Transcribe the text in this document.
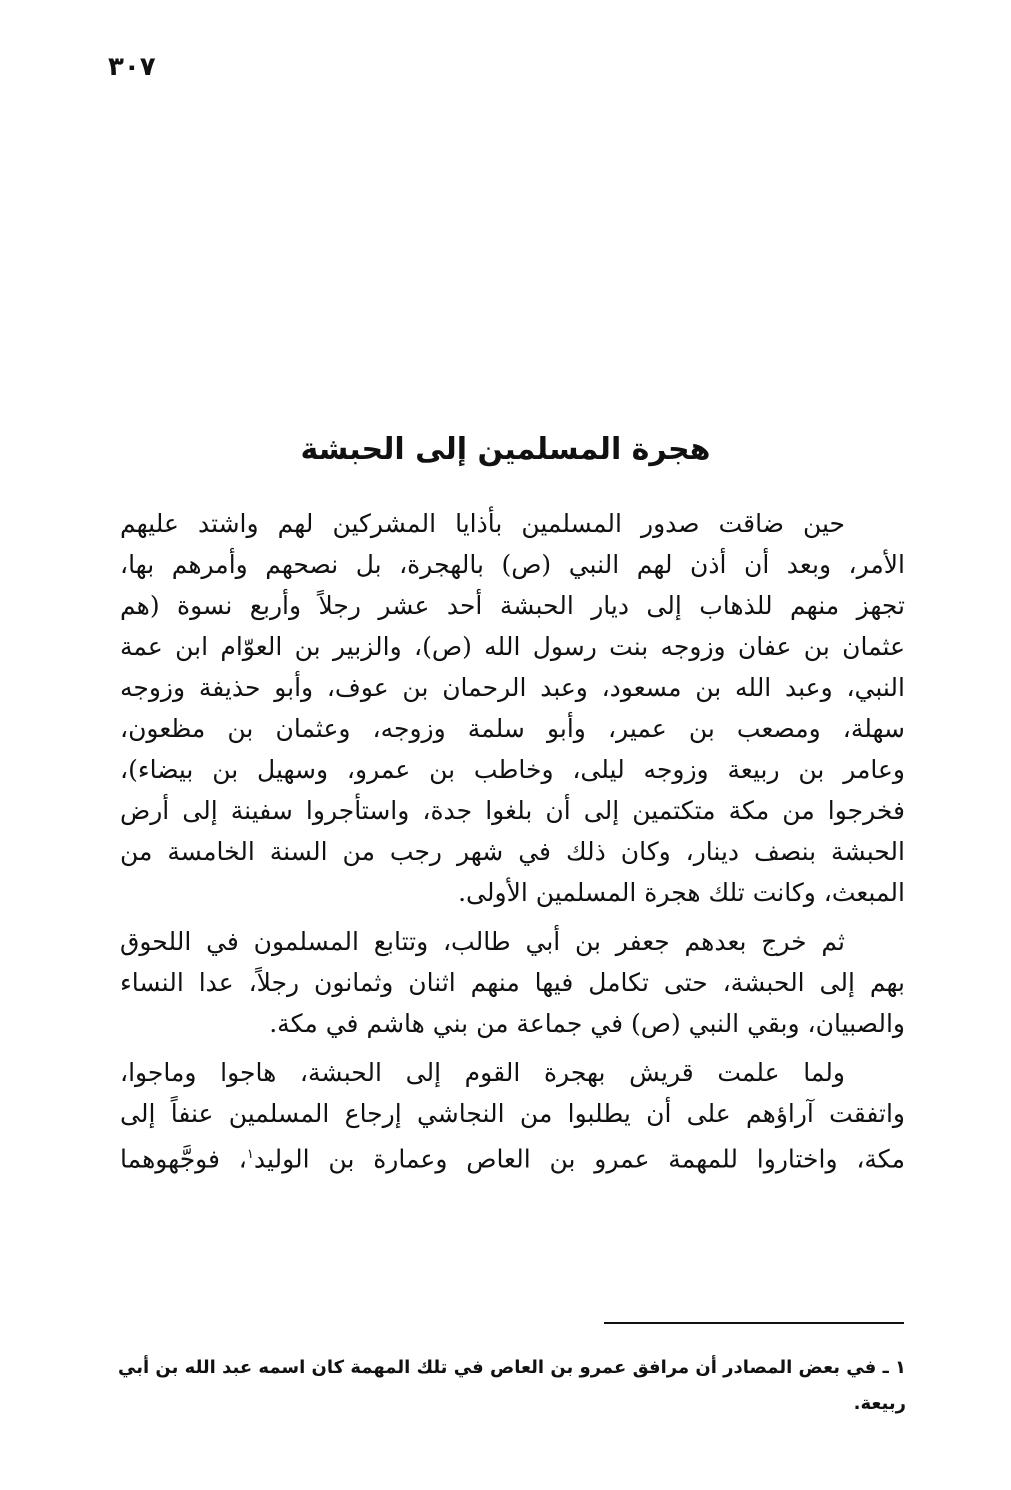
٣٠٧
هجرة المسلمين إلى الحبشة
حين ضاقت صدور المسلمين بأذايا المشركين لهم واشتد عليهم
الأمر، وبعد أن أذن لهم النبي (ص) بالهجرة، بل نصحهم وأمرهم بها،
تجهز منهم للذهاب إلى ديار الحبشة أحد عشر رجلاً وأربع نسوة (هم
عثمان بن عفان وزوجه بنت رسول الله (ص)، والزبير بن العوّام ابن عمة
النبي، وعبد الله بن مسعود، وعبد الرحمان بن عوف، وأبو حذيفة وزوجه
سهلة، ومصعب بن عمير، وأبو سلمة وزوجه، وعثمان بن مظعون،
وعامر بن ربيعة وزوجه ليلى، وخاطب بن عمرو، وسهيل بن بيضاء)،
فخرجوا من مكة متكتمين إلى أن بلغوا جدة، واستأجروا سفينة إلى أرض
الحبشة بنصف دينار، وكان ذلك في شهر رجب من السنة الخامسة من
المبعث، وكانت تلك هجرة المسلمين الأولى.
ثم خرج بعدهم جعفر بن أبي طالب، وتتابع المسلمون في اللحوق
بهم إلى الحبشة، حتى تكامل فيها منهم اثنان وثمانون رجلاً، عدا النساء
والصبيان، وبقي النبي (ص) في جماعة من بني هاشم في مكة.
ولما علمت قريش بهجرة القوم إلى الحبشة، هاجوا وماجوا،
واتفقت آراؤهم على أن يطلبوا من النجاشي إرجاع المسلمين عنفاً إلى
مكة، واختاروا للمهمة عمرو بن العاص وعمارة بن الوليد$^١$، فوجَّهوهما
١ ـ في بعض المصادر أن مرافق عمرو بن العاص في تلك المهمة كان اسمه عبد الله بن أبي
ربيعة.
